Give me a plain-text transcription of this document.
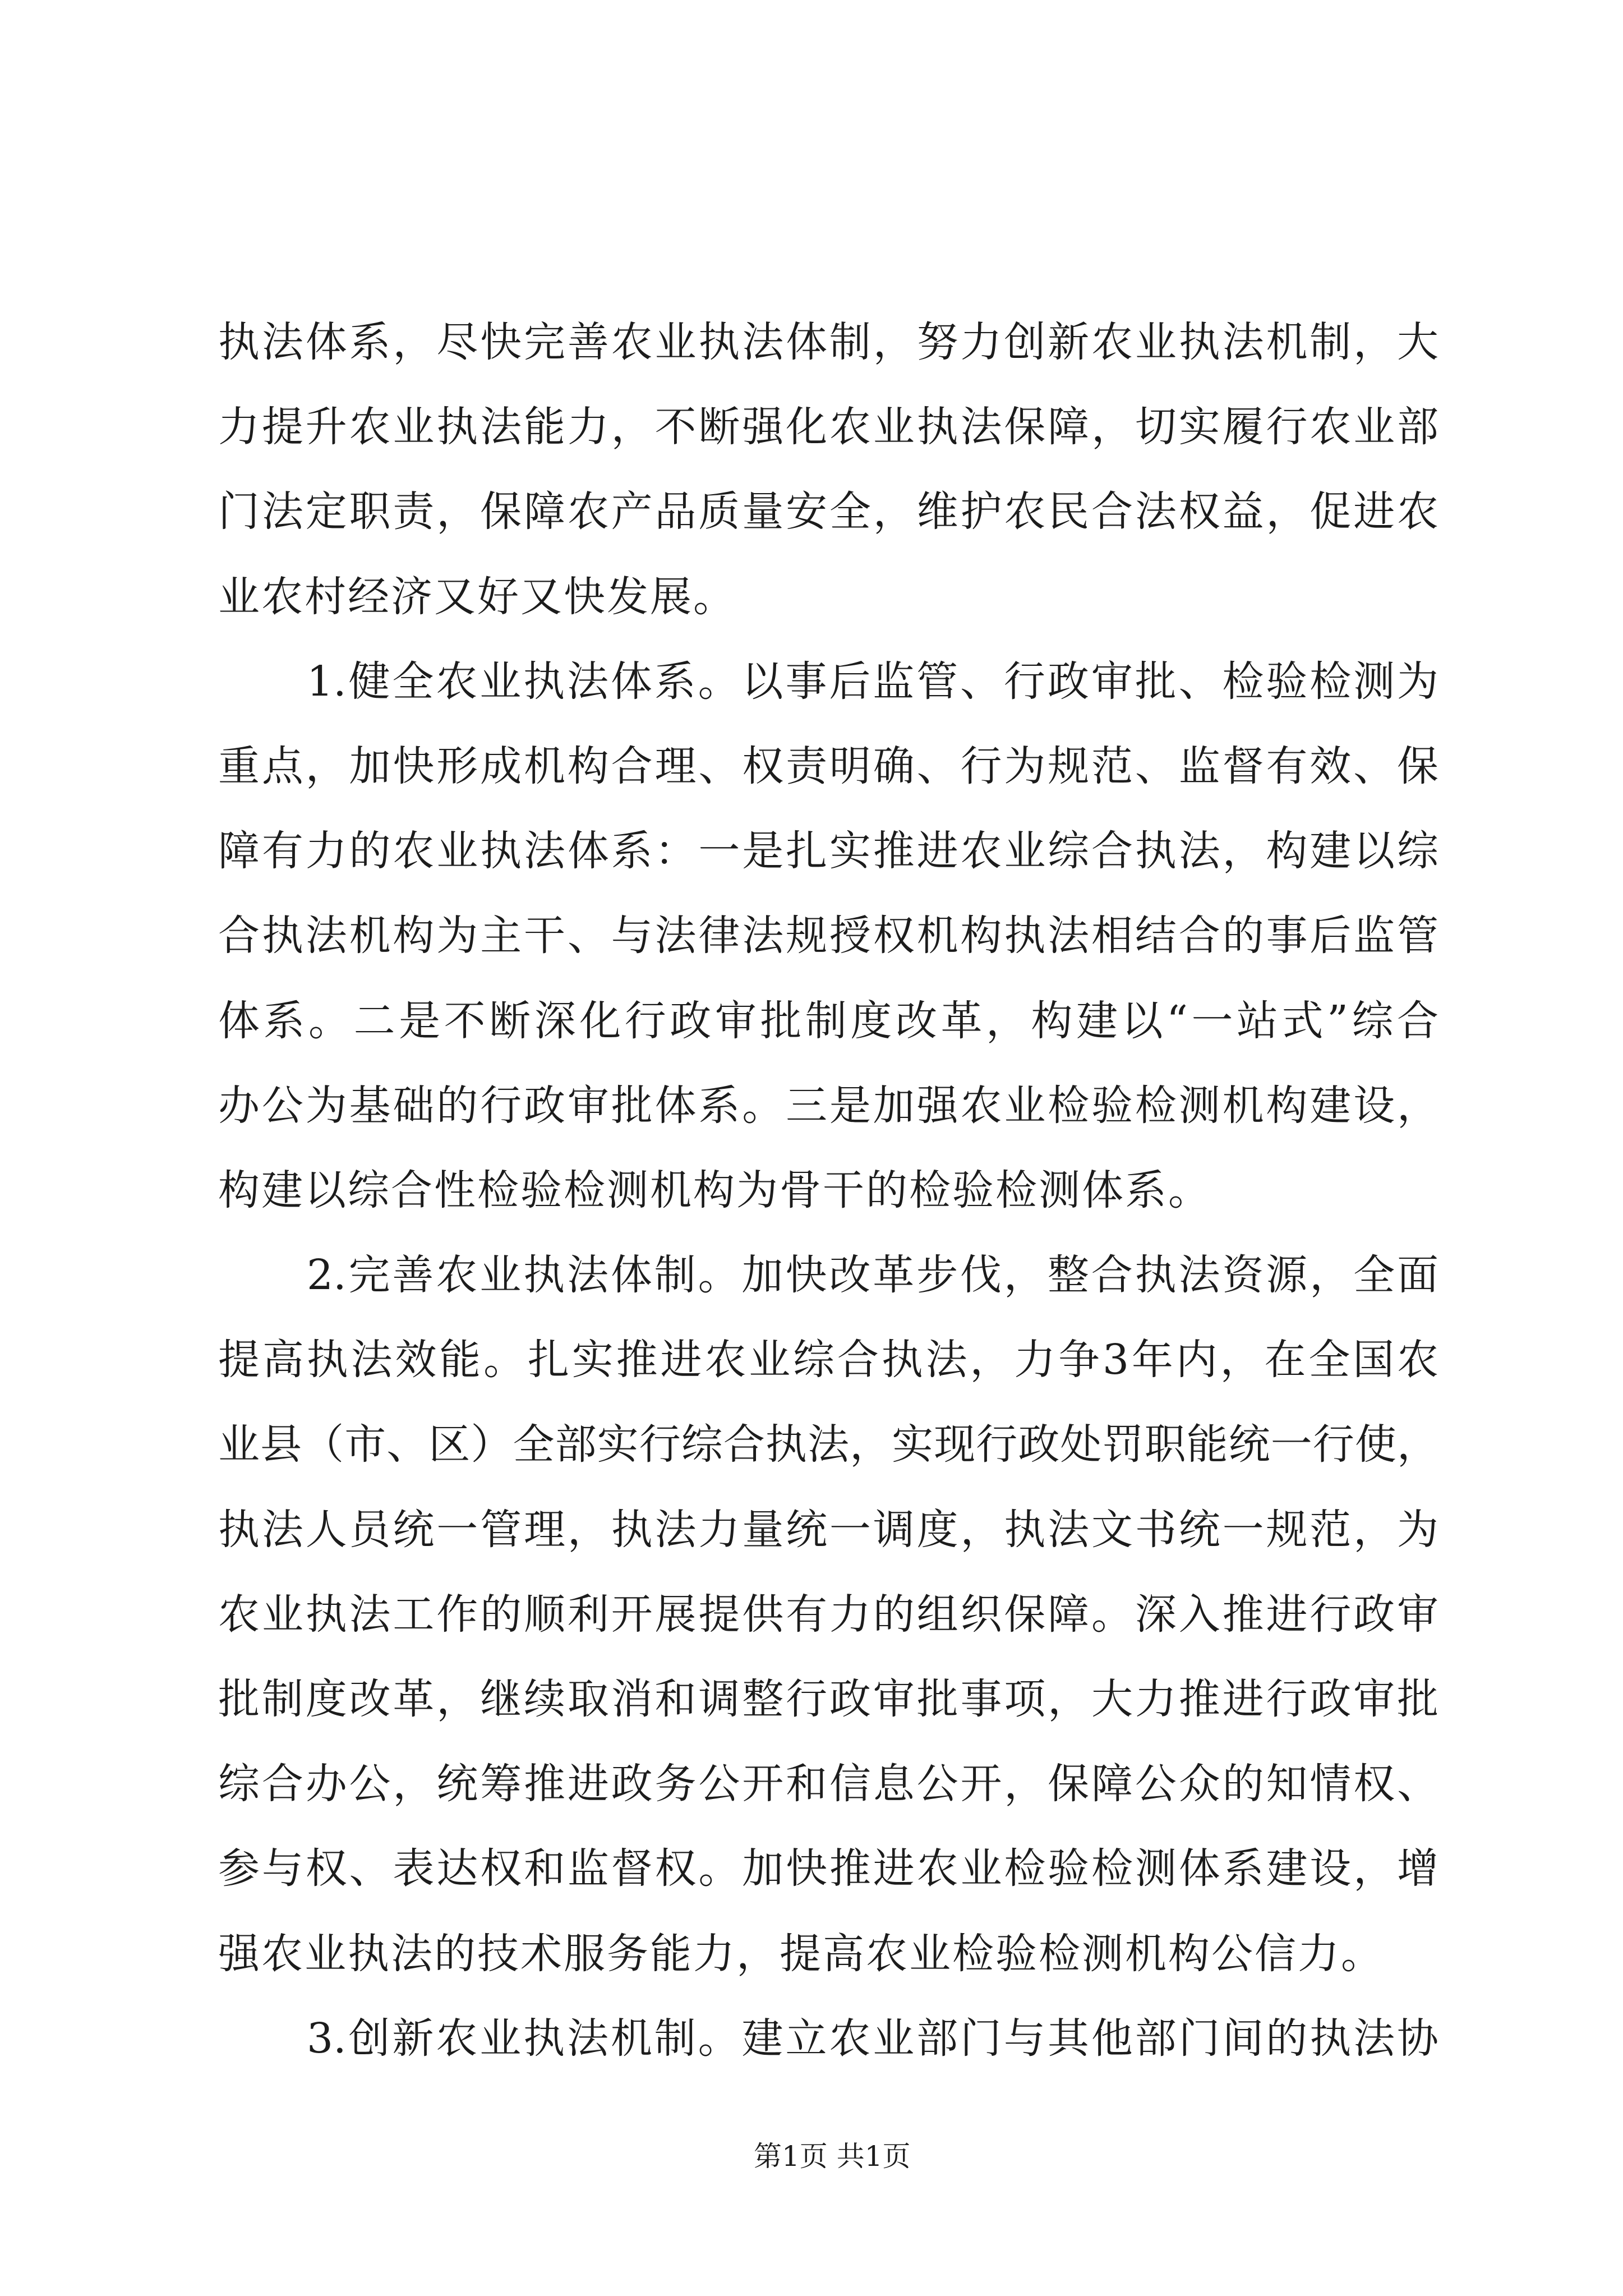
执法体系，尽快完善农业执法体制，努力创新农业执法机制，大
力提升农业执法能力，不断强化农业执法保障，切实履行农业部
门法定职责，保障农产品质量安全，维护农民合法权益，促进农
业农村经济又好又快发展。
1.健全农业执法体系。以事后监管、行政审批、检验检测为
重点，加快形成机构合理、权责明确、行为规范、监督有效、保
障有力的农业执法体系：一是扎实推进农业综合执法，构建以综
合执法机构为主干、与法律法规授权机构执法相结合的事后监管
体系。二是不断深化行政审批制度改革，构建以“一站式”综合
办公为基础的行政审批体系。三是加强农业检验检测机构建设，
构建以综合性检验检测机构为骨干的检验检测体系。
2.完善农业执法体制。加快改革步伐，整合执法资源，全面
提高执法效能。扎实推进农业综合执法，力争3年内，在全国农
业县（市、区）全部实行综合执法，实现行政处罚职能统一行使，
执法人员统一管理，执法力量统一调度，执法文书统一规范，为
农业执法工作的顺利开展提供有力的组织保障。深入推进行政审
批制度改革，继续取消和调整行政审批事项，大力推进行政审批
综合办公，统筹推进政务公开和信息公开，保障公众的知情权、
参与权、表达权和监督权。加快推进农业检验检测体系建设，增
强农业执法的技术服务能力，提高农业检验检测机构公信力。
3.创新农业执法机制。建立农业部门与其他部门间的执法协
第1页 共1页
